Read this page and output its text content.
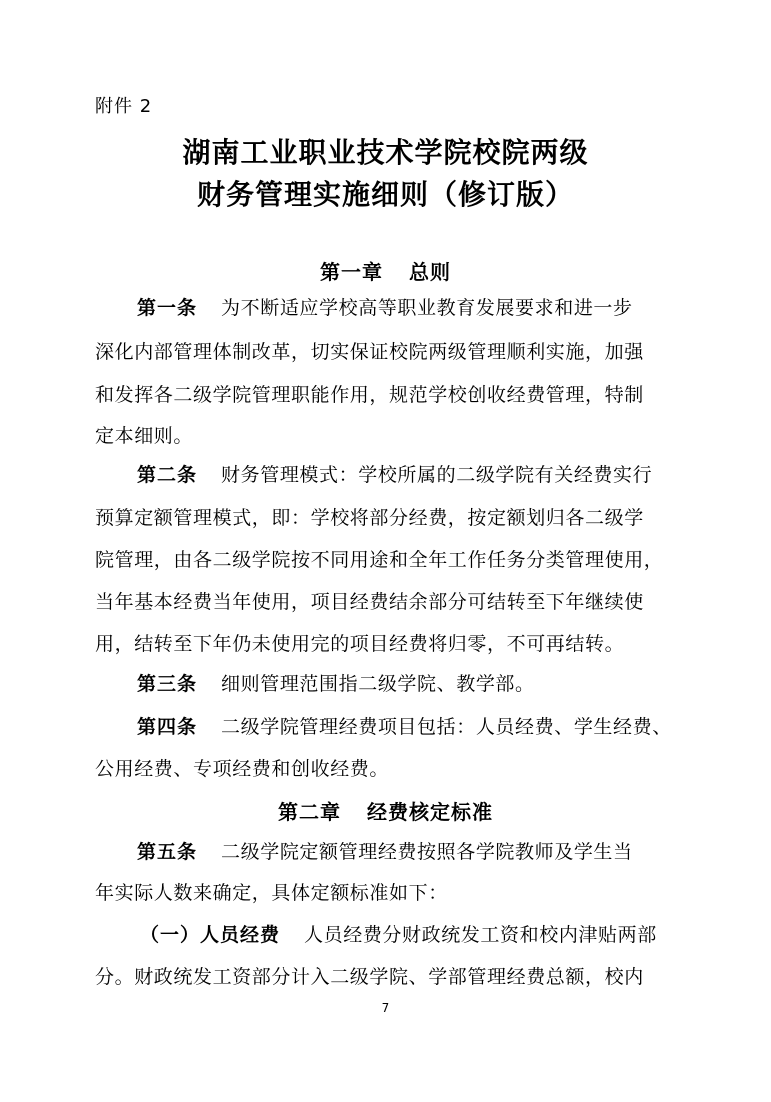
附件 2
湖南工业职业技术学院校院两级
财务管理实施细则（修订版）
第一章 总则
第一条 为不断适应学校高等职业教育发展要求和进一步
深化内部管理体制改革，切实保证校院两级管理顺利实施，加强
和发挥各二级学院管理职能作用，规范学校创收经费管理，特制
定本细则。
第二条 财务管理模式：学校所属的二级学院有关经费实行
预算定额管理模式，即：学校将部分经费，按定额划归各二级学
院管理，由各二级学院按不同用途和全年工作任务分类管理使用，
当年基本经费当年使用，项目经费结余部分可结转至下年继续使
用，结转至下年仍未使用完的项目经费将归零，不可再结转。
第三条 细则管理范围指二级学院、教学部。
第四条 二级学院管理经费项目包括：人员经费、学生经费、
公用经费、专项经费和创收经费。
第二章 经费核定标准
第五条 二级学院定额管理经费按照各学院教师及学生当
年实际人数来确定，具体定额标准如下：
（一）人员经费 人员经费分财政统发工资和校内津贴两部
分。财政统发工资部分计入二级学院、学部管理经费总额，校内
7
